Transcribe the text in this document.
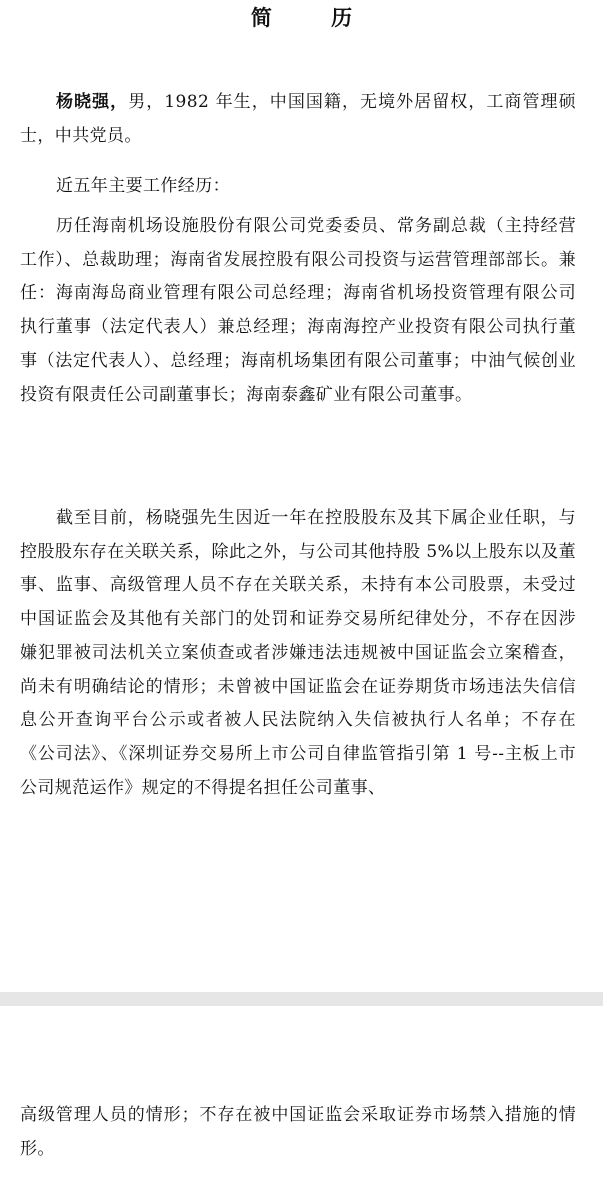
简 历

杨晓强，男，1982 年生，中国国籍，无境外居留权，工商管理硕士，中共党员。

近五年主要工作经历：

历任海南机场设施股份有限公司党委委员、常务副总裁（主持经营工作）、总裁助理；海南省发展控股有限公司投资与运营管理部部长。兼任：海南海岛商业管理有限公司总经理；海南省机场投资管理有限公司执行董事（法定代表人）兼总经理；海南海控产业投资有限公司执行董事（法定代表人）、总经理；海南机场集团有限公司董事；中油气候创业投资有限责任公司副董事长；海南泰鑫矿业有限公司董事。

截至目前，杨晓强先生因近一年在控股股东及其下属企业任职，与控股股东存在关联关系，除此之外，与公司其他持股 5%以上股东以及董事、监事、高级管理人员不存在关联关系，未持有本公司股票，未受过中国证监会及其他有关部门的处罚和证券交易所纪律处分，不存在因涉嫌犯罪被司法机关立案侦查或者涉嫌违法违规被中国证监会立案稽查，尚未有明确结论的情形；未曾被中国证监会在证券期货市场违法失信信息公开查询平台公示或者被人民法院纳入失信被执行人名单；不存在《公司法》、《深圳证券交易所上市公司自律监管指引第 1 号--主板上市公司规范运作》规定的不得提名担任公司董事、

高级管理人员的情形；不存在被中国证监会采取证券市场禁入措施的情形。
